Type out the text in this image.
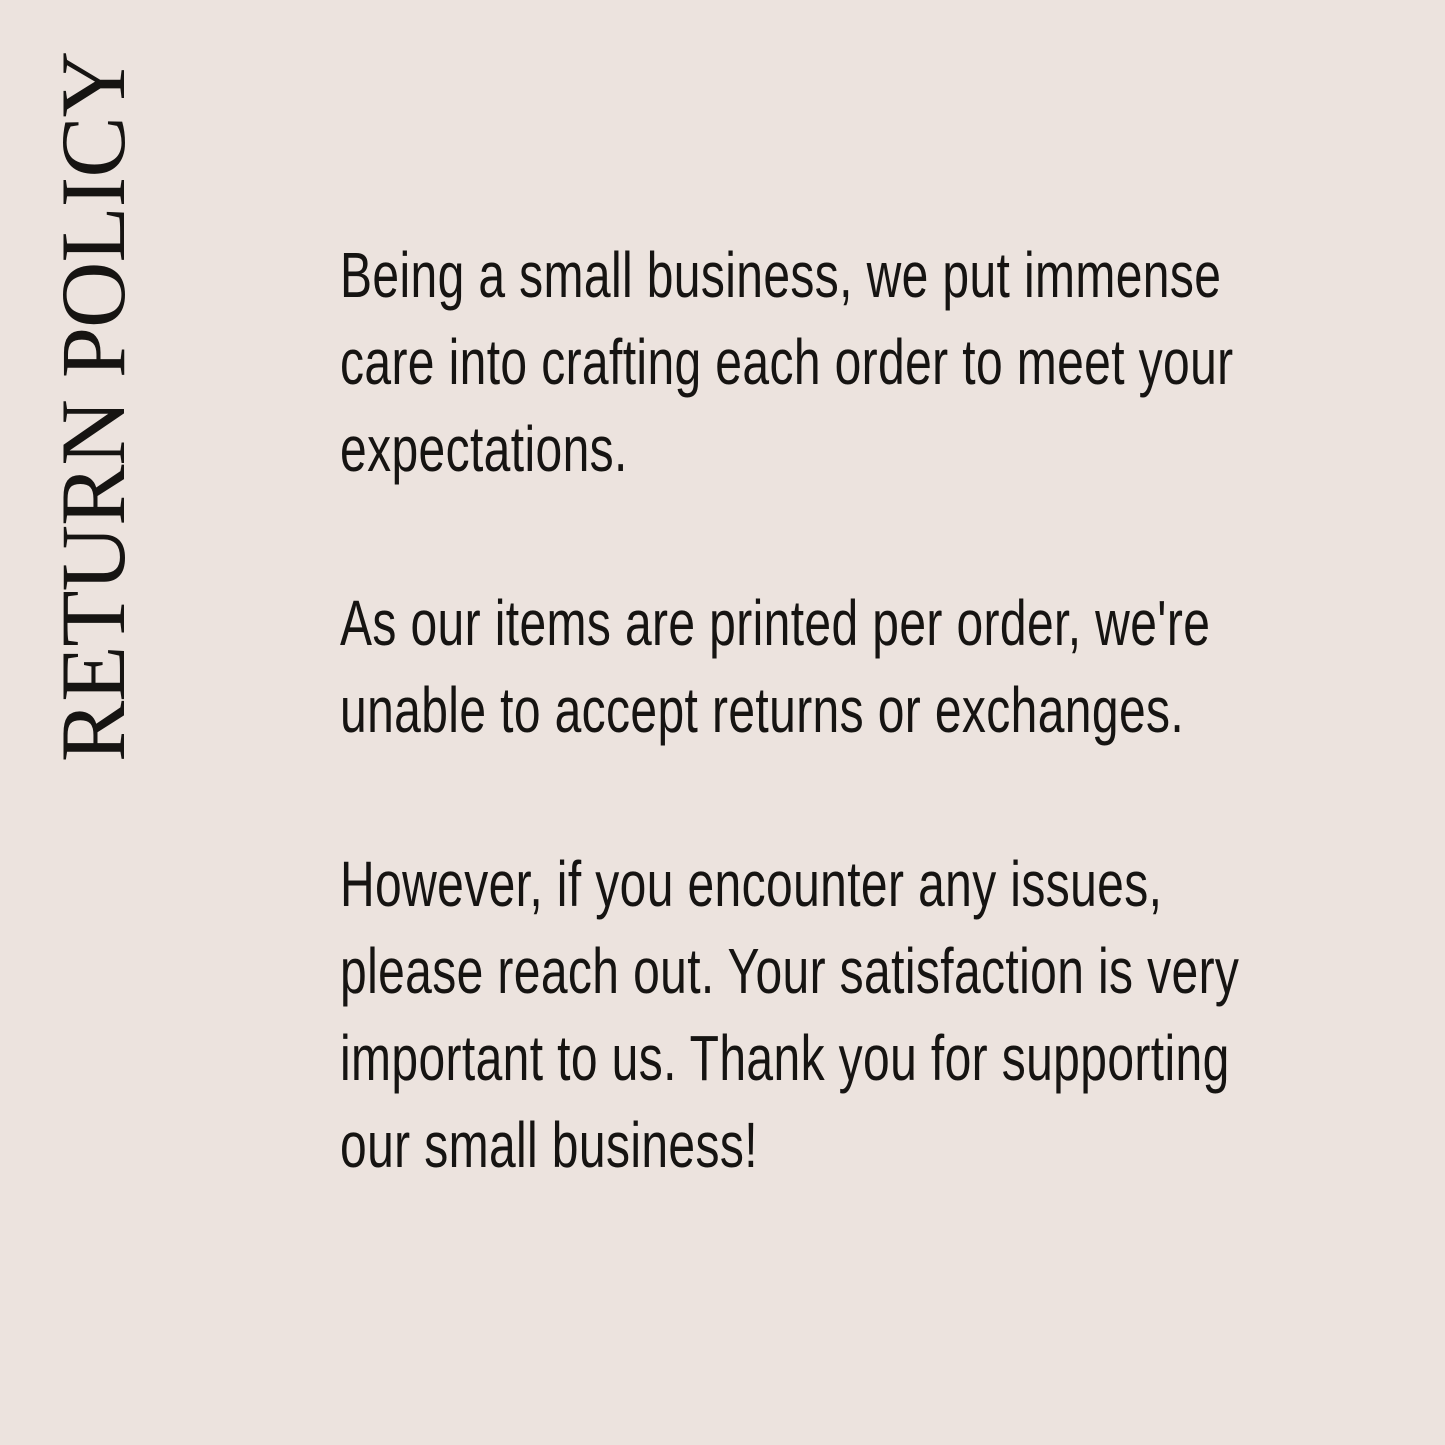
RETURN POLICY	Being a small business, we put immense
care into crafting each order to meet your
expectations.
As our items are printed per order, we're
unable to accept returns or exchanges.
However, if you encounter any issues,
please reach out. Your satisfaction is very
important to us. Thank you for supporting
our small business!
